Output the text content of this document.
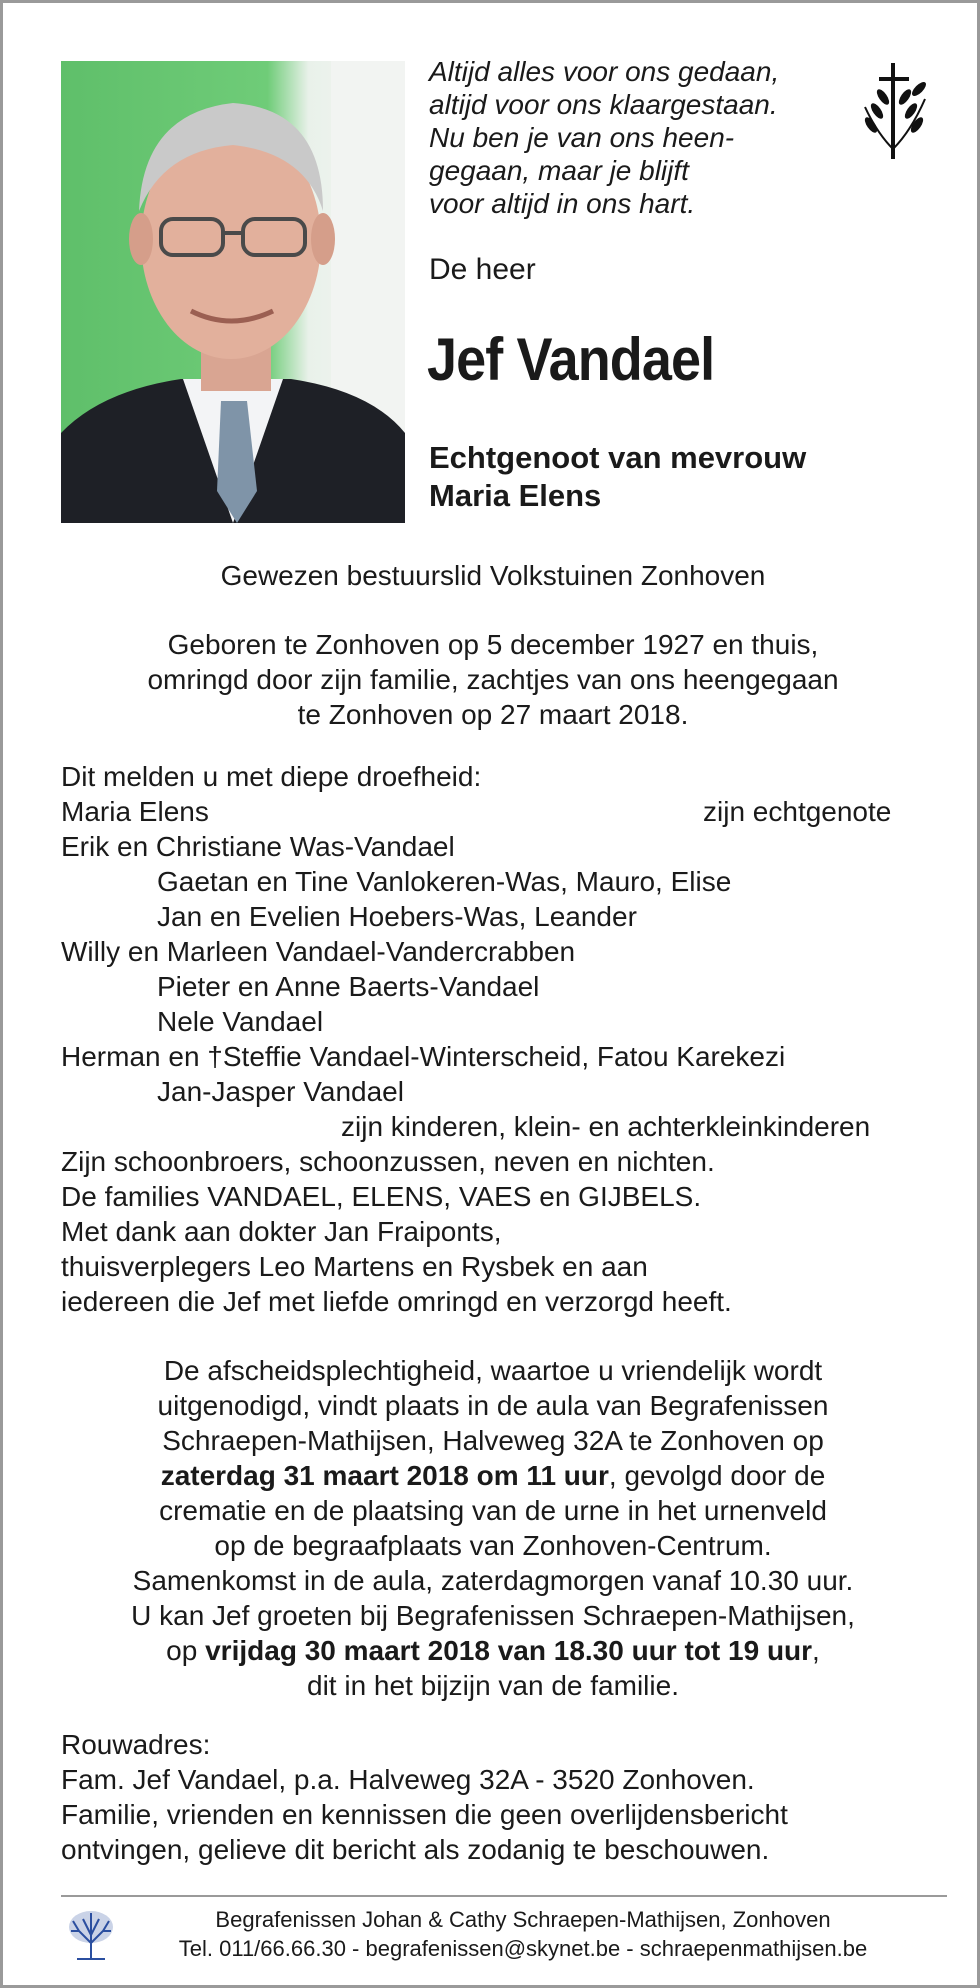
Altijd alles voor ons gedaan,
altijd voor ons klaargestaan.
Nu ben je van ons heen-
gegaan, maar je blijft
voor altijd in ons hart.
De heer
Jef Vandael
Echtgenoot van mevrouw
Maria Elens
Gewezen bestuurslid Volkstuinen Zonhoven
Geboren te Zonhoven op 5 december 1927 en thuis,
omringd door zijn familie, zachtjes van ons heengegaan
te Zonhoven op 27 maart 2018.
Dit melden u met diepe droefheid:
Maria Elens	zijn echtgenote
Erik en Christiane Was-Vandael
Gaetan en Tine Vanlokeren-Was, Mauro, Elise
Jan en Evelien Hoebers-Was, Leander
Willy en Marleen Vandael-Vandercrabben
Pieter en Anne Baerts-Vandael
Nele Vandael
Herman en †Steffie Vandael-Winterscheid, Fatou Karekezi
Jan-Jasper Vandael
zijn kinderen, klein- en achterkleinkinderen
Zijn schoonbroers, schoonzussen, neven en nichten.
De families VANDAEL, ELENS, VAES en GIJBELS.
Met dank aan dokter Jan Fraiponts,
thuisverplegers Leo Martens en Rysbek en aan
iedereen die Jef met liefde omringd en verzorgd heeft.
De afscheidsplechtigheid, waartoe u vriendelijk wordt
uitgenodigd, vindt plaats in de aula van Begrafenissen
Schraepen-Mathijsen, Halveweg 32A te Zonhoven op
zaterdag 31 maart 2018 om 11 uur, gevolgd door de
crematie en de plaatsing van de urne in het urnenveld
op de begraafplaats van Zonhoven-Centrum.
Samenkomst in de aula, zaterdagmorgen vanaf 10.30 uur.
U kan Jef groeten bij Begrafenissen Schraepen-Mathijsen,
op vrijdag 30 maart 2018 van 18.30 uur tot 19 uur,
dit in het bijzijn van de familie.
Rouwadres:
Fam. Jef Vandael, p.a. Halveweg 32A - 3520 Zonhoven.
Familie, vrienden en kennissen die geen overlijdensbericht
ontvingen, gelieve dit bericht als zodanig te beschouwen.
Begrafenissen Johan & Cathy Schraepen-Mathijsen, Zonhoven
Tel. 011/66.66.30 - begrafenissen@skynet.be - schraepenmathijsen.be
